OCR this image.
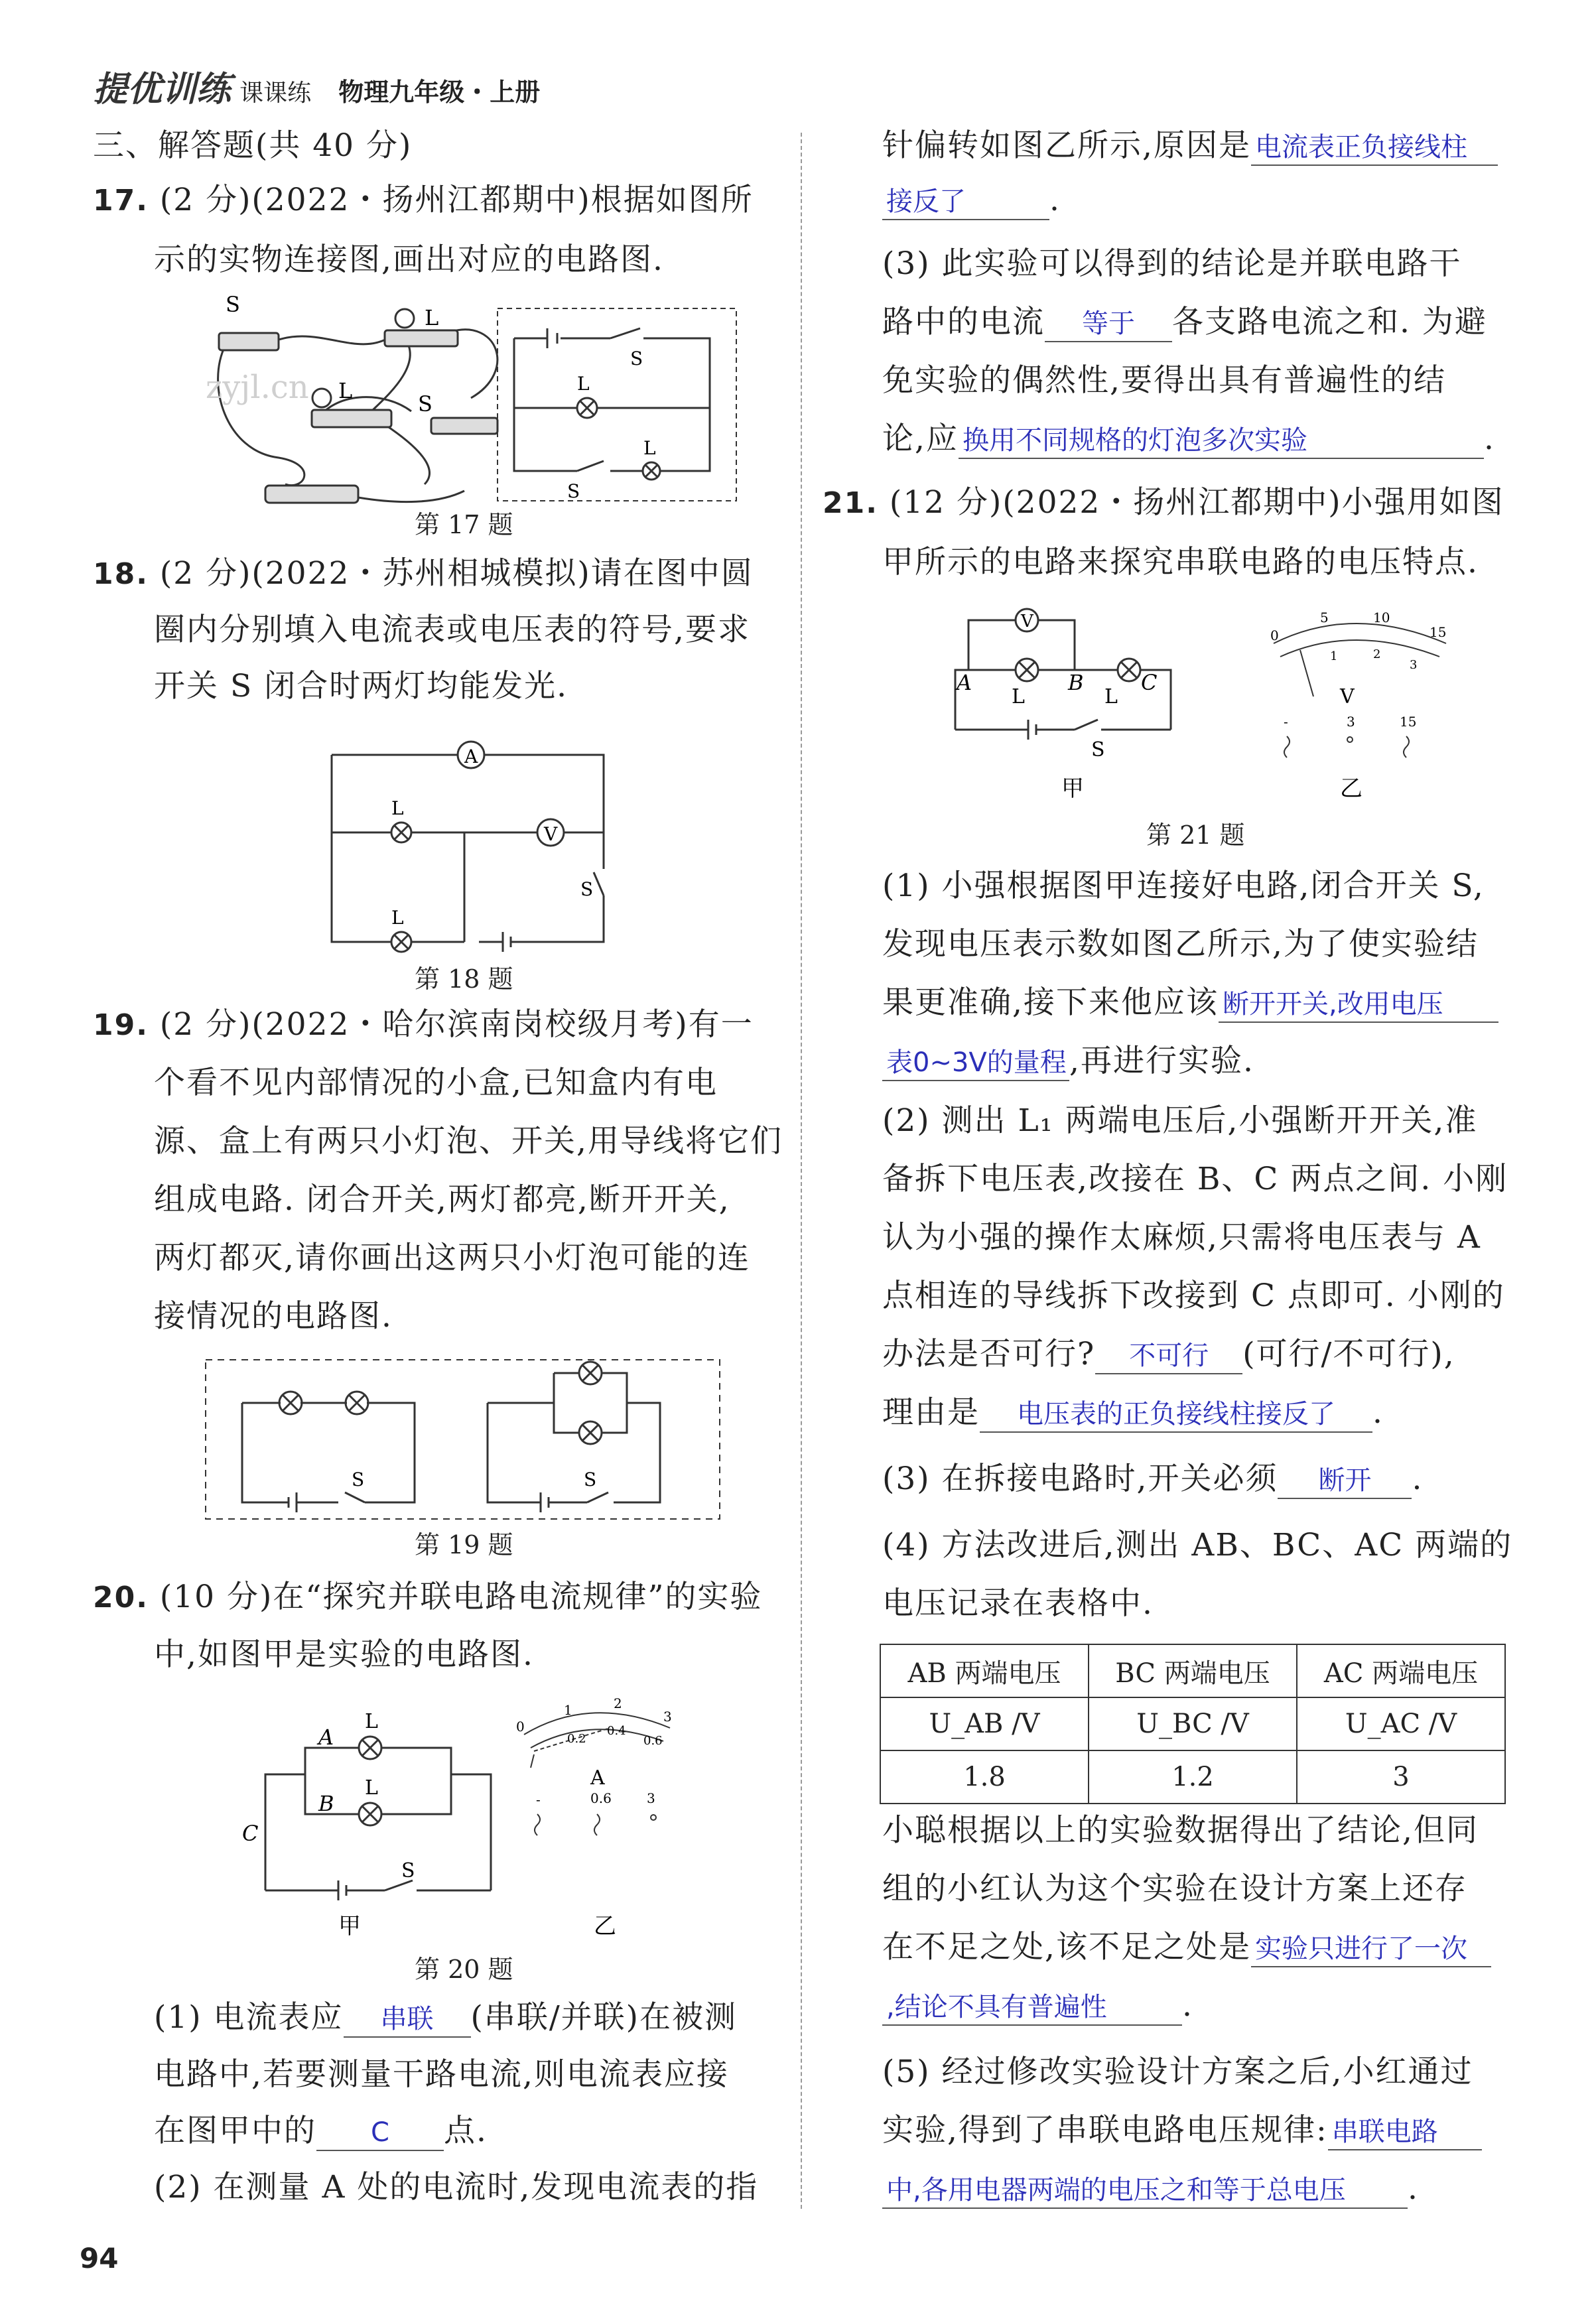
提优训练 课课练 物理九年级・上册
三、解答题(共 40 分)
17. (2 分)(2022・扬州江都期中)根据如图所
示的实物连接图,画出对应的电路图.
S
L
L
S
zyjl.cn	L
S
L
S
第 17 题
18. (2 分)(2022・苏州相城模拟)请在图中圆
圈内分别填入电流表或电压表的符号,要求
开关 S 闭合时两灯均能发光.
A
V
L
L
S
第 18 题
19. (2 分)(2022・哈尔滨南岗校级月考)有一
个看不见内部情况的小盒,已知盒内有电
源、盒上有两只小灯泡、开关,用导线将它们
组成电路. 闭合开关,两灯都亮,断开开关,
两灯都灭,请你画出这两只小灯泡可能的连
接情况的电路图.
S	S
第 19 题
20. (10 分)在“探究并联电路电流规律”的实验
中,如图甲是实验的电路图.
A
B
C
L
L
S
甲
0
1	2
3
0.2
0.4
0.6
A
-	0.6	3
乙
第 20 题
(1) 电流表应 串联 (串联/并联)在被测
电路中,若要测量干路电流,则电流表应接
在图甲中的 C 点.
(2) 在测量 A 处的电流时,发现电流表的指
94
针偏转如图乙所示,原因是 电流表正负接线柱
接反了	.
(3) 此实验可以得到的结论是并联电路干
路中的电流 等于 各支路电流之和. 为避
免实验的偶然性,要得出具有普遍性的结
论,应 换用不同规格的灯泡多次实验	.
21. (12 分)(2022・扬州江都期中)小强用如图
甲所示的电路来探究串联电路的电压特点.
V
A	B	C
L	L
S
甲
0
5	10
15
1	2
3
V
-	3	15
乙
第 21 题
(1) 小强根据图甲连接好电路,闭合开关 S,
发现电压表示数如图乙所示,为了使实验结
果更准确,接下来他应该 断开开关,改用电压
表0~3V的量程,再进行实验.
(2) 测出 L₁ 两端电压后,小强断开开关,准
备拆下电压表,改接在 B、C 两点之间. 小刚
认为小强的操作太麻烦,只需将电压表与 A
点相连的导线拆下改接到 C 点即可. 小刚的
办法是否可行? 不可行 (可行/不可行),
理由是 电压表的正负接线柱接反了 .
(3) 在拆接电路时,开关必须 断开 .
(4) 方法改进后,测出 AB、BC、AC 两端的
电压记录在表格中.
AB 两端电压	BC 两端电压	AC 两端电压
U_AB /V	U_BC /V	U_AC /V
1.8	1.2	3
小聪根据以上的实验数据得出了结论,但同
组的小红认为这个实验在设计方案上还存
在不足之处,该不足之处是 实验只进行了一次
,结论不具有普遍性 .
(5) 经过修改实验设计方案之后,小红通过
实验,得到了串联电路电压规律: 串联电路
中,各用电器两端的电压之和等于总电压 .
